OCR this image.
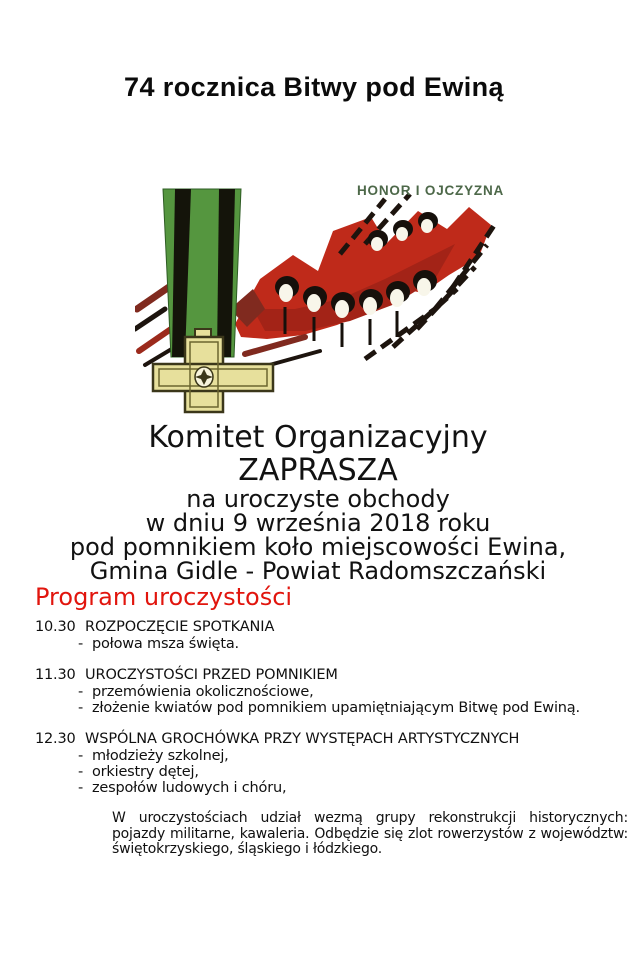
74 rocznica Bitwy pod Ewiną
HONOR I OJCZYZNA
Komitet Organizacyjny
ZAPRASZA
na uroczyste obchody
w dniu 9 września 2018 roku
pod pomnikiem koło miejscowości Ewina,
Gmina Gidle - Powiat Radomszczański
Program uroczystości
10.30 ROZPOCZĘCIE SPOTKANIA
- połowa msza święta.
11.30 UROCZYSTOŚCI PRZED POMNIKIEM
- przemówienia okolicznościowe,
- złożenie kwiatów pod pomnikiem upamiętniającym Bitwę pod Ewiną.
12.30 WSPÓLNA GROCHÓWKA PRZY WYSTĘPACH ARTYSTYCZNYCH
- młodzieży szkolnej,
- orkiestry dętej,
- zespołów ludowych i chóru,

W uroczystościach udział wezmą grupy rekonstrukcji historycznych: pojazdy militarne, kawaleria. Odbędzie się zlot rowerzystów z województw: świętokrzyskiego, śląskiego i łódzkiego.
